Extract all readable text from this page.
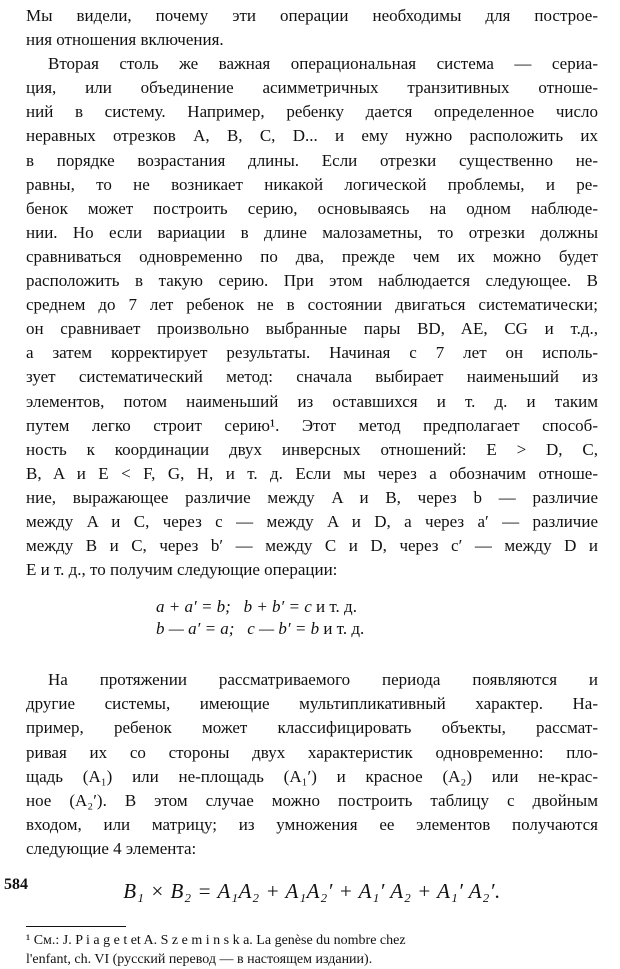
Мы видели, почему эти операции необходимы для построе-
ния отношения включения.

Вторая столь же важная операциональная система — сериа-
ция, или объединение асимметричных транзитивных отноше-
ний в систему. Например, ребенку дается определенное число
неравных отрезков A, B, C, D... и ему нужно расположить их
в порядке возрастания длины. Если отрезки существенно не-
равны, то не возникает никакой логической проблемы, и ре-
бенок может построить серию, основываясь на одном наблюде-
нии. Но если вариации в длине малозаметны, то отрезки должны
сравниваться одновременно по два, прежде чем их можно будет
расположить в такую серию. При этом наблюдается следующее. В
среднем до 7 лет ребенок не в состоянии двигаться систематически;
он сравнивает произвольно выбранные пары BD, AE, CG и т.д.,
а затем корректирует результаты. Начиная с 7 лет он исполь-
зует систематический метод: сначала выбирает наименьший из
элементов, потом наименьший из оставшихся и т. д. и таким
путем легко строит серию¹. Этот метод предполагает способ-
ность к координации двух инверсных отношений: E > D, C,
B, A и E < F, G, H, и т. д. Если мы через a обозначим отноше-
ние, выражающее различие между A и B, через b — различие
между A и C, через c — между A и D, а через a′ — различие
между B и C, через b′ — между C и D, через c′ — между D и
E и т. д., то получим следующие операции:

a + a′ = b; b + b′ = c и т. д.
b — a′ = a; c — b′ = b и т. д.

На протяжении рассматриваемого периода появляются и
другие системы, имеющие мультипликативный характер. На-
пример, ребенок может классифицировать объекты, рассмат-
ривая их со стороны двух характеристик одновременно: пло-
щадь (A₁) или не-площадь (A₁′) и красное (A₂) или не-крас-
ное (A₂′). В этом случае можно построить таблицу с двойным
входом, или матрицу; из умножения ее элементов получаются
следующие 4 элемента:

B₁ × B₂ = A₁A₂ + A₁A₂′ + A₁′ A₂ + A₁′ A₂′.
¹ См.: J. P i a g e t et A. S z e m i n s k a. La genèse du nombre chez
l'enfant, ch. VI (русский перевод — в настоящем издании).
584
